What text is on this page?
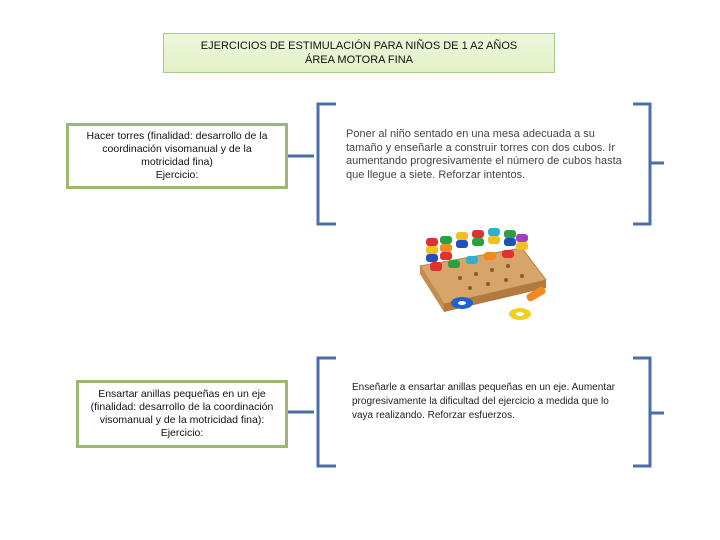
EJERCICIOS DE ESTIMULACIÓN PARA NIÑOS DE 1 A2 AÑOS
ÁREA MOTORA FINA
Hacer torres (finalidad: desarrollo de la
coordinación visomanual y de la
motricidad fina)
Ejercicio:
Ensartar anillas pequeñas en un eje
(finalidad: desarrollo de la coordinación
visomanual y de la motricidad fina):
Ejercicio:
Poner al niño sentado en una mesa adecuada a su tamaño y enseñarle a construir torres con dos cubos. Ir aumentando progresivamente el número de cubos hasta que llegue a siete. Reforzar intentos.
Enseñarle a ensartar anillas pequeñas en un eje. Aumentar progresivamente la dificultad del ejercicio a medida que lo vaya realizando. Reforzar esfuerzos.
